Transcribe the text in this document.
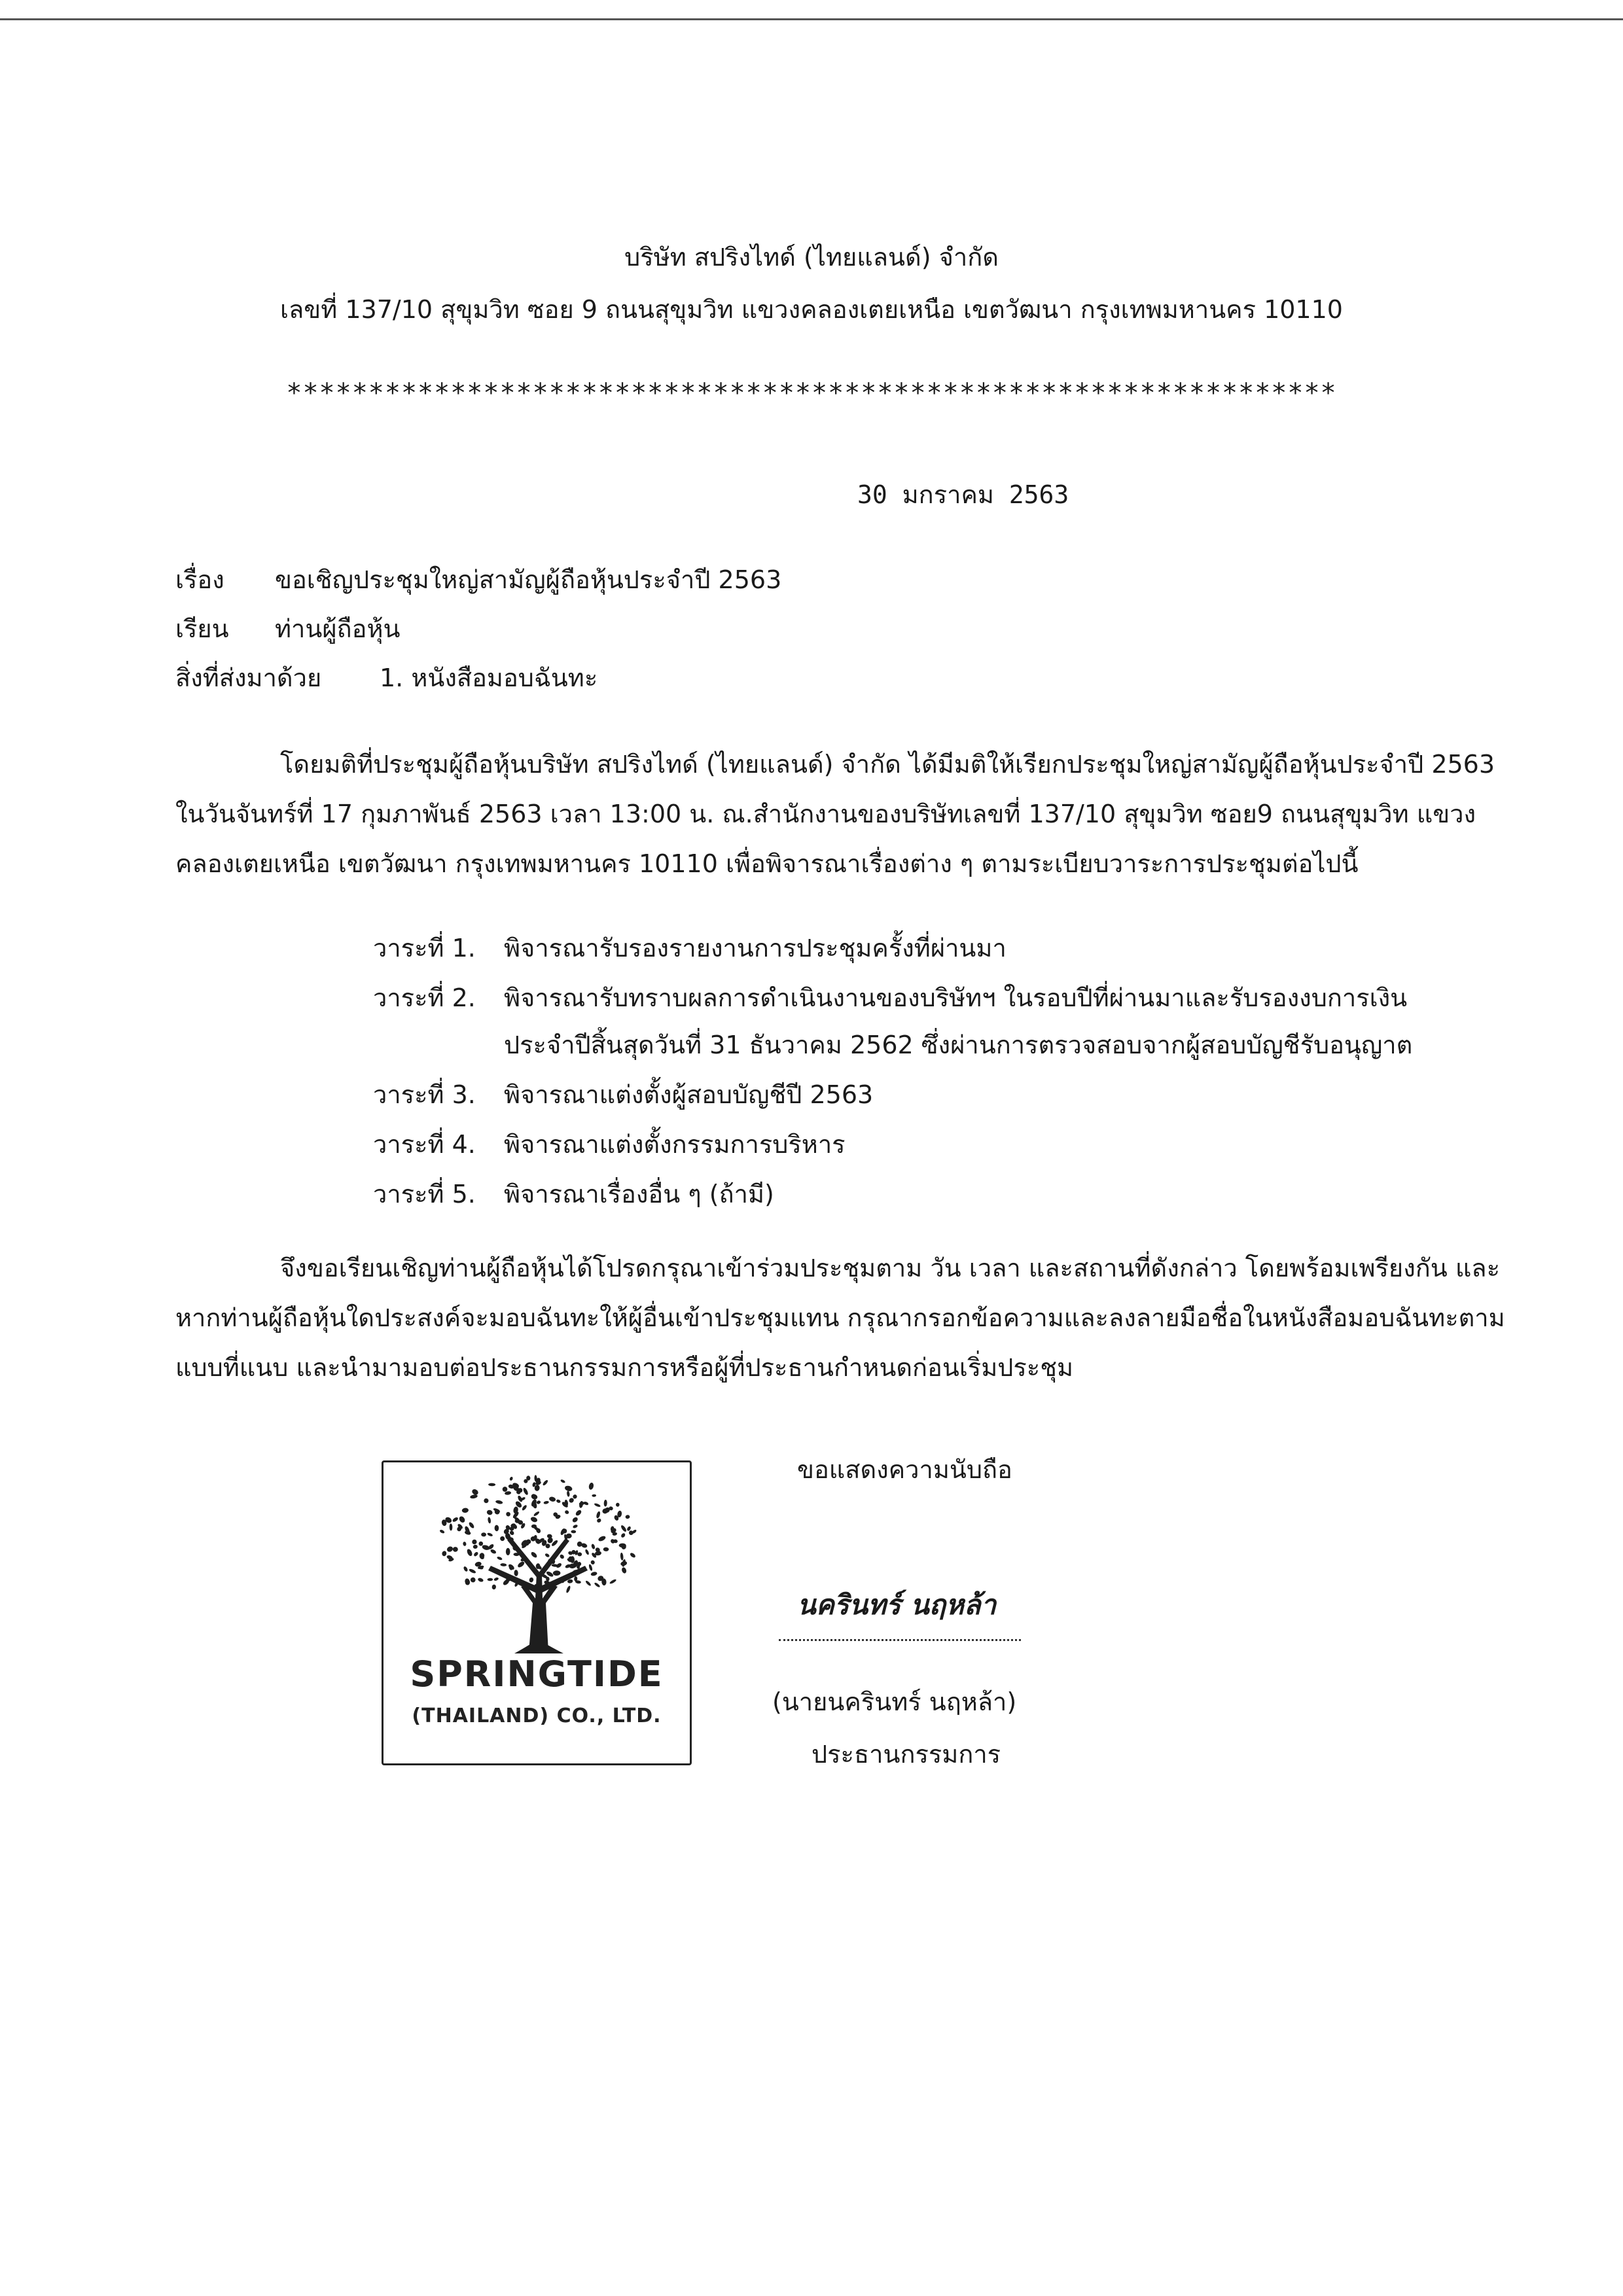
บริษัท สปริงไทด์ (ไทยแลนด์) จำกัด
เลขที่ 137/10 สุขุมวิท ซอย 9 ถนนสุขุมวิท แขวงคลองเตยเหนือ เขตวัฒนา กรุงเทพมหานคร 10110
****************************************************************
30 มกราคม 2563
เรื่อง ขอเชิญประชุมใหญ่สามัญผู้ถือหุ้นประจำปี 2563
เรียน ท่านผู้ถือหุ้น
สิ่งที่ส่งมาด้วย 1. หนังสือมอบฉันทะ
โดยมติที่ประชุมผู้ถือหุ้นบริษัท สปริงไทด์ (ไทยแลนด์) จำกัด ได้มีมติให้เรียกประชุมใหญ่สามัญผู้ถือหุ้นประจำปี 2563
ในวันจันทร์ที่ 17 กุมภาพันธ์ 2563 เวลา 13:00 น. ณ.สำนักงานของบริษัทเลขที่ 137/10 สุขุมวิท ซอย9 ถนนสุขุมวิท แขวง
คลองเตยเหนือ เขตวัฒนา กรุงเทพมหานคร 10110 เพื่อพิจารณาเรื่องต่าง ๆ ตามระเบียบวาระการประชุมต่อไปนี้
วาระที่ 1. พิจารณารับรองรายงานการประชุมครั้งที่ผ่านมา
วาระที่ 2. พิจารณารับทราบผลการดำเนินงานของบริษัทฯ ในรอบปีที่ผ่านมาและรับรองงบการเงิน
ประจำปีสิ้นสุดวันที่ 31 ธันวาคม 2562 ซึ่งผ่านการตรวจสอบจากผู้สอบบัญชีรับอนุญาต
วาระที่ 3. พิจารณาแต่งตั้งผู้สอบบัญชีปี 2563
วาระที่ 4. พิจารณาแต่งตั้งกรรมการบริหาร
วาระที่ 5. พิจารณาเรื่องอื่น ๆ (ถ้ามี)
จึงขอเรียนเชิญท่านผู้ถือหุ้นได้โปรดกรุณาเข้าร่วมประชุมตาม วัน เวลา และสถานที่ดังกล่าว โดยพร้อมเพรียงกัน และ
หากท่านผู้ถือหุ้นใดประสงค์จะมอบฉันทะให้ผู้อื่นเข้าประชุมแทน กรุณากรอกข้อความและลงลายมือชื่อในหนังสือมอบฉันทะตาม
แบบที่แนบ และนำมามอบต่อประธานกรรมการหรือผู้ที่ประธานกำหนดก่อนเริ่มประชุม
SPRINGTIDE
(THAILAND) CO., LTD.
ขอแสดงความนับถือ
นครินทร์ นฤหล้า
(นายนครินทร์ นฤหล้า)
ประธานกรรมการ
